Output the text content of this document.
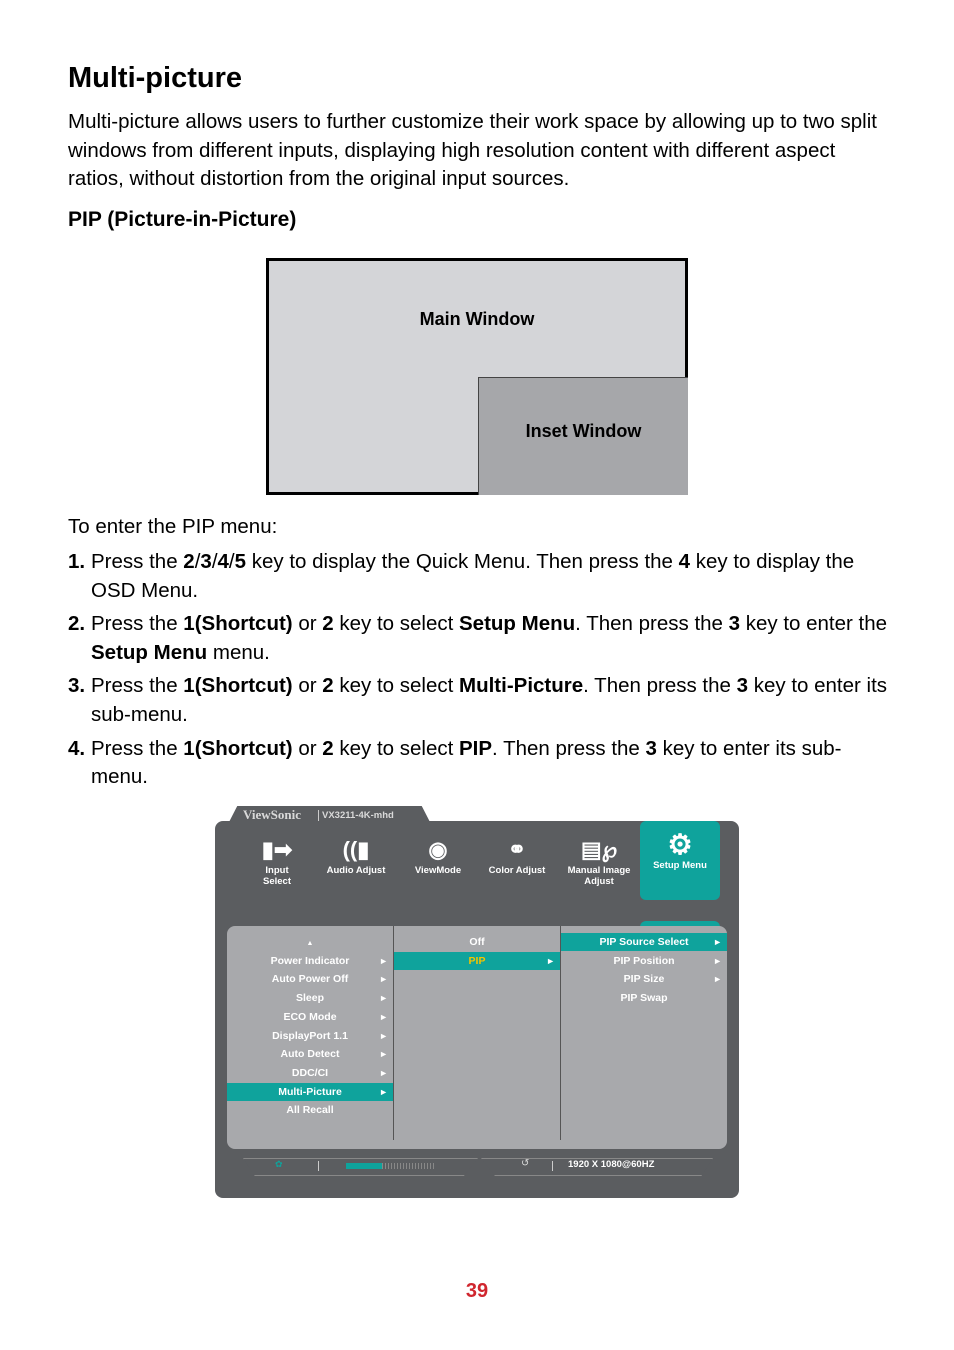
Multi-picture

Multi-picture allows users to further customize their work space by allowing up to two split windows from different inputs, displaying high resolution content with different aspect ratios, without distortion from the original input sources.

PIP (Picture-in-Picture)
Main Window
Inset Window

To enter the PIP menu:

1. Press the 2/3/4/5 key to display the Quick Menu. Then press the 4 key to display the OSD Menu.
2. Press the 1(Shortcut) or 2 key to select Setup Menu. Then press the 3 key to enter the Setup Menu menu.
3. Press the 1(Shortcut) or 2 key to select Multi-Picture. Then press the 3 key to enter its sub-menu.
4. Press the 1(Shortcut) or 2 key to select PIP. Then press the 3 key to enter its sub-menu.
ViewSonic	VX3211-4K-mhd
▮➡
Input Select
((▮
Audio Adjust
◉
ViewMode
⚭
Color Adjust
▤℘
Manual Image Adjust
⚙
Setup Menu
▲
Power Indicator	►
Auto Power Off	►
Sleep	►
ECO Mode	►
DisplayPort 1.1	►
Auto Detect	►
DDC/CI	►
Multi-Picture	►
All Recall
Off
PIP	►
PIP Source Select	►
PIP Position	►
PIP Size	►
PIP Swap
✿	↺	1920 X 1080@60HZ
39
